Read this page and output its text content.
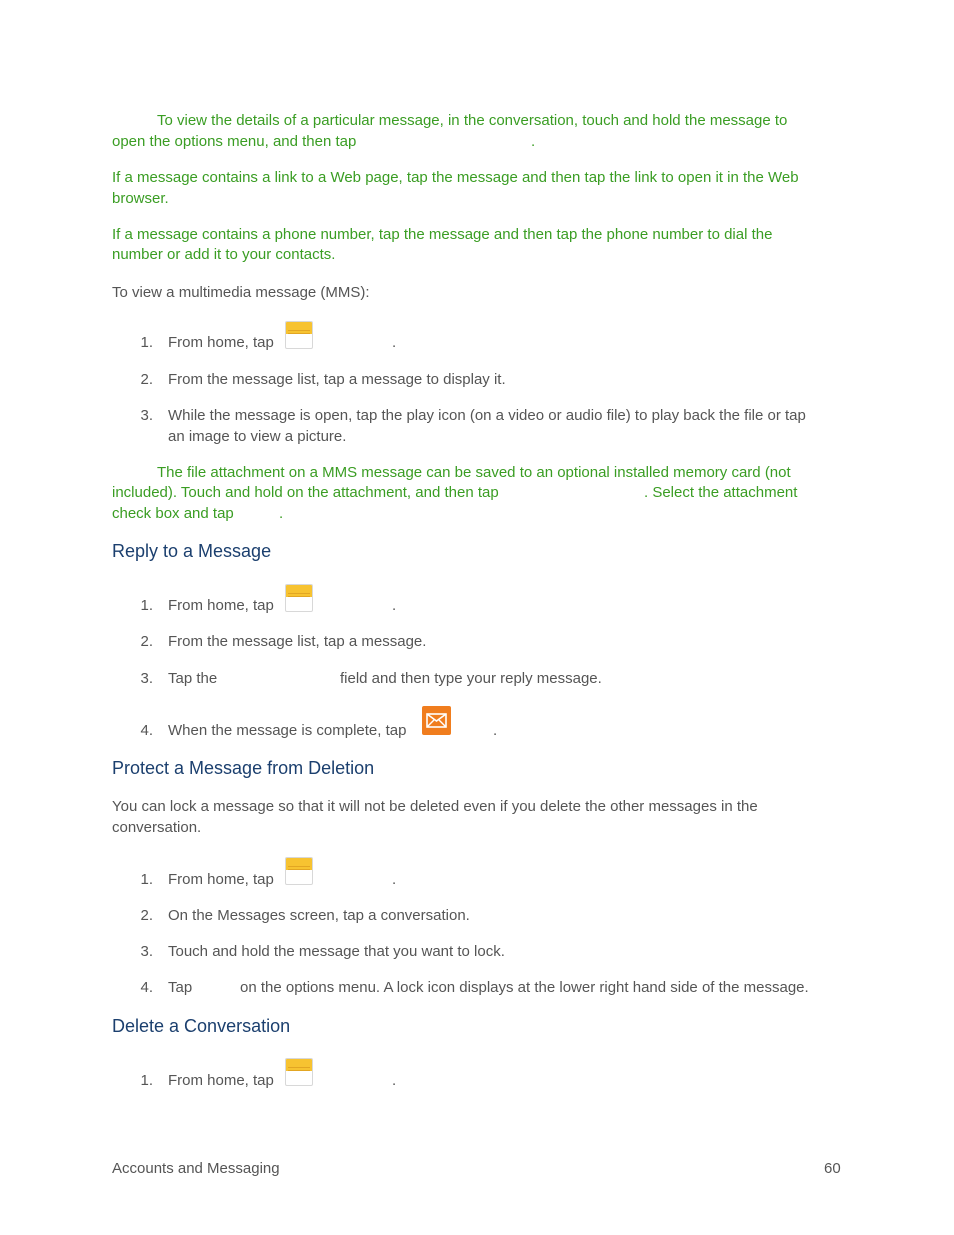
To view the details of a particular message, in the conversation, touch and hold the message to
open the options menu, and then tap	.
If a message contains a link to a Web page, tap the message and then tap the link to open it in the Web
browser.
If a message contains a phone number, tap the message and then tap the phone number to dial the
number or add it to your contacts.
To view a multimedia message (MMS):
1. From home, tap	.
2. From the message list, tap a message to display it.
3. While the message is open, tap the play icon (on a video or audio file) to play back the file or tap
an image to view a picture.
The file attachment on a MMS message can be saved to an optional installed memory card (not
included). Touch and hold on the attachment, and then tap	. Select the attachment
check box and tap	.
Reply to a Message
1. From home, tap	.
2. From the message list, tap a message.
3. Tap the	field and then type your reply message.
4. When the message is complete, tap	.
Protect a Message from Deletion
You can lock a message so that it will not be deleted even if you delete the other messages in the
conversation.
1. From home, tap	.
2. On the Messages screen, tap a conversation.
3. Touch and hold the message that you want to lock.
4. Tap	on the options menu. A lock icon displays at the lower right hand side of the message.
Delete a Conversation
1. From home, tap	.
Accounts and Messaging	60
